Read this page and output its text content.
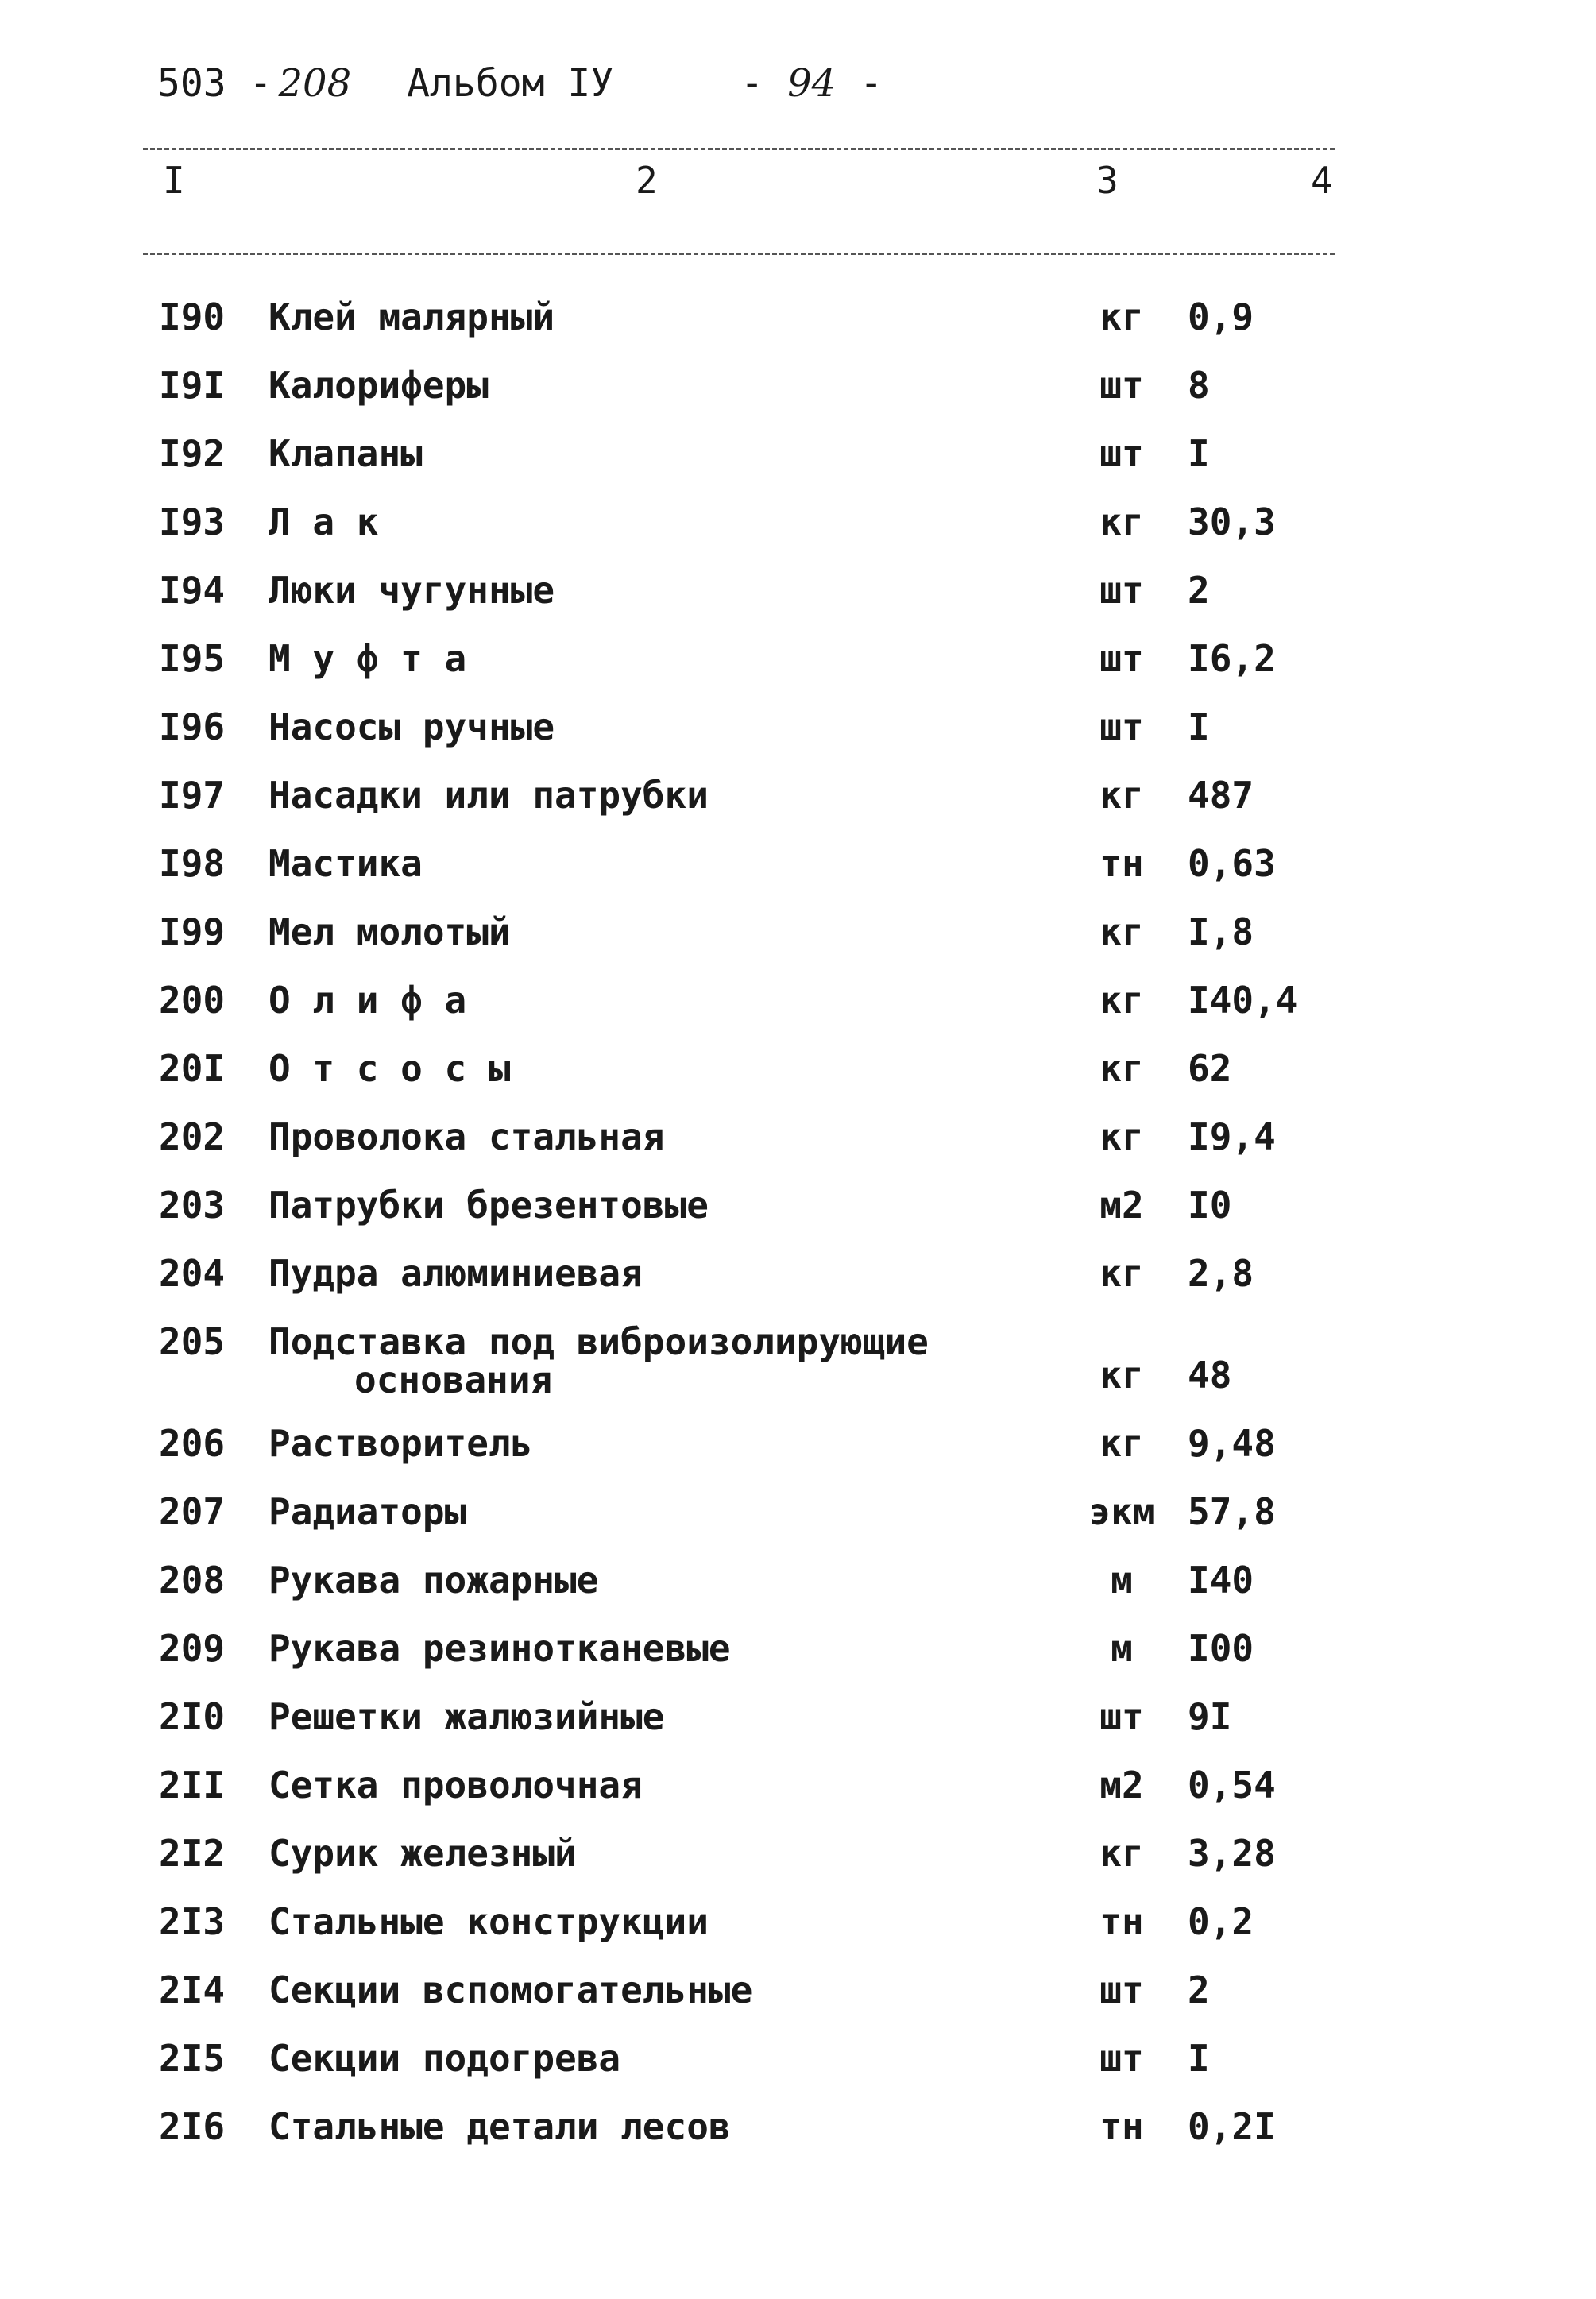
503 - 208 Альбом IУ	- 94 -
I	2	3	4
I90 Клей малярный	кг	0,9
I9I Калориферы	шт	8
I92 Клапаны	шт	I
I93 Л а к	кг	30,3
I94 Люки чугунные	шт	2
I95 М у ф т а	шт	I6,2
I96 Насосы ручные	шт	I
I97 Насадки или патрубки	кг	487
I98 Мастика	тн	0,63
I99 Мел молотый	кг	I,8
200 О л и ф а	кг	I40,4
20I О т с о с ы	кг	62
202 Проволока стальная	кг	I9,4
203 Патрубки брезентовые	м2	I0
204 Пудра алюминиевая	кг	2,8
205 Подставка под виброизолирующие
основания	кг	48
206 Растворитель	кг	9,48
207 Радиаторы	экм 57,8
208 Рукава пожарные	м	I40
209 Рукава резинотканевые	м	I00
2I0 Решетки жалюзийные	шт	9I
2II Сетка проволочная	м2	0,54
2I2 Сурик железный	кг	3,28
2I3 Стальные конструкции	тн	0,2
2I4 Секции вспомогательные	шт	2
2I5 Секции подогрева	шт	I
2I6 Стальные детали лесов	тн	0,2I
